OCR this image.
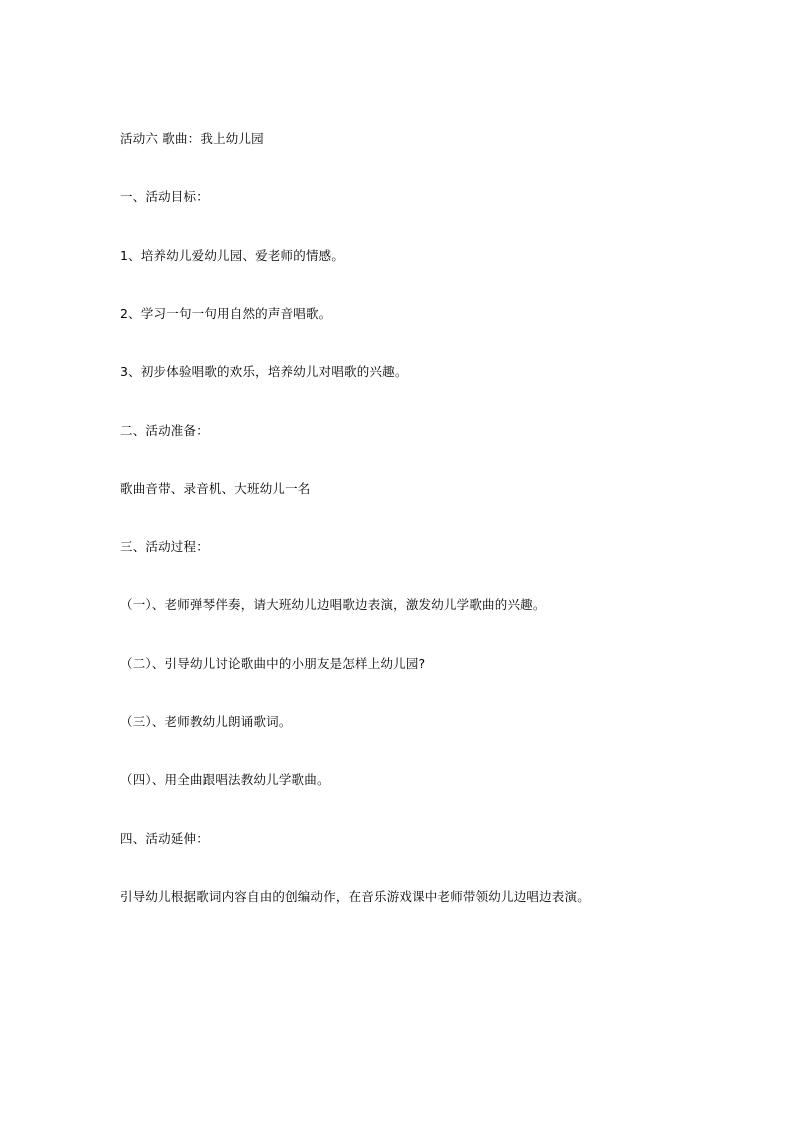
活动六 歌曲：我上幼儿园
一、活动目标：
1、培养幼儿爱幼儿园、爱老师的情感。
2、学习一句一句用自然的声音唱歌。
3、初步体验唱歌的欢乐，培养幼儿对唱歌的兴趣。
二、活动准备：
歌曲音带、录音机、大班幼儿一名
三、活动过程：
（一）、老师弹琴伴奏，请大班幼儿边唱歌边表演，激发幼儿学歌曲的兴趣。
（二）、引导幼儿讨论歌曲中的小朋友是怎样上幼儿园?
（三）、老师教幼儿朗诵歌词。
（四）、用全曲跟唱法教幼儿学歌曲。
四、活动延伸：
引导幼儿根据歌词内容自由的创编动作，在音乐游戏课中老师带领幼儿边唱边表演。
